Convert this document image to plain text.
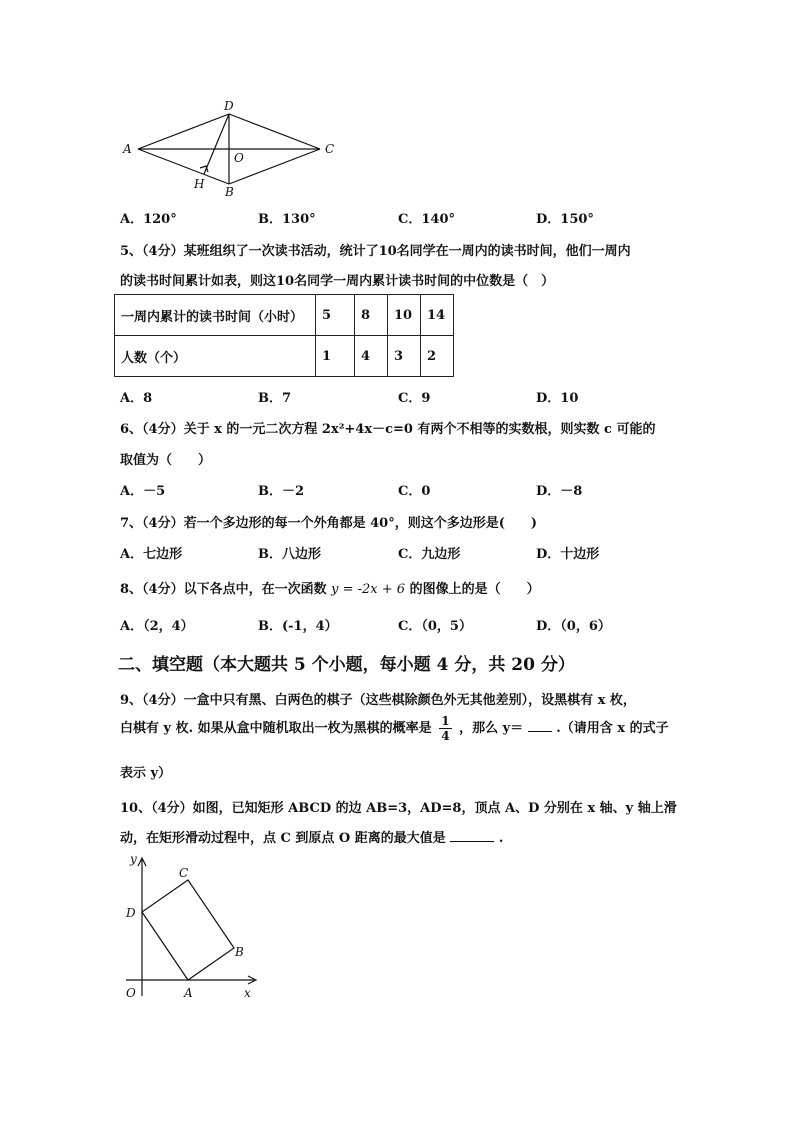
D
A
O
C
H
B
A．120°	B．130°	C．140°	D．150°
5、（4分）某班组织了一次读书活动，统计了10名同学在一周内的读书时间，他们一周内
的读书时间累计如表，则这10名同学一周内累计读书时间的中位数是（　）
一周内累计的读书时间（小时）	5	8	10	14
人数（个）	1	4	3	2
A．8	B．7	C．9	D．10
6、（4分）关于 x 的一元二次方程 2x²+4x－c=0 有两个不相等的实数根，则实数 c 可能的
取值为（　　）
A．－5	B．－2	C．0	D．－8
7、（4分）若一个多边形的每一个外角都是 40°，则这个多边形是(　　)
A．七边形	B．八边形	C．九边形	D．十边形
8、（4分）以下各点中，在一次函数 y = -2x + 6 的图像上的是（　　）
A．（2，4）	B．(-1，4）	C．（0，5）	D．（0，6）
二、填空题（本大题共 5 个小题，每小题 4 分，共 20 分）
9、（4分）一盒中只有黑、白两色的棋子（这些棋除颜色外无其他差别），设黑棋有 x 枚，
白棋有 y 枚. 如果从盒中随机取出一枚为黑棋的概率是 $\frac{1}{4}$ ，那么 y＝	.（请用含 x 的式子
表示 y）
10、（4分）如图，已知矩形 ABCD 的边 AB=3，AD=8，顶点 A、D 分别在 x 轴、y 轴上滑
动，在矩形滑动过程中，点 C 到原点 O 距离的最大值是	.
y
C
D
B
O	A	x
